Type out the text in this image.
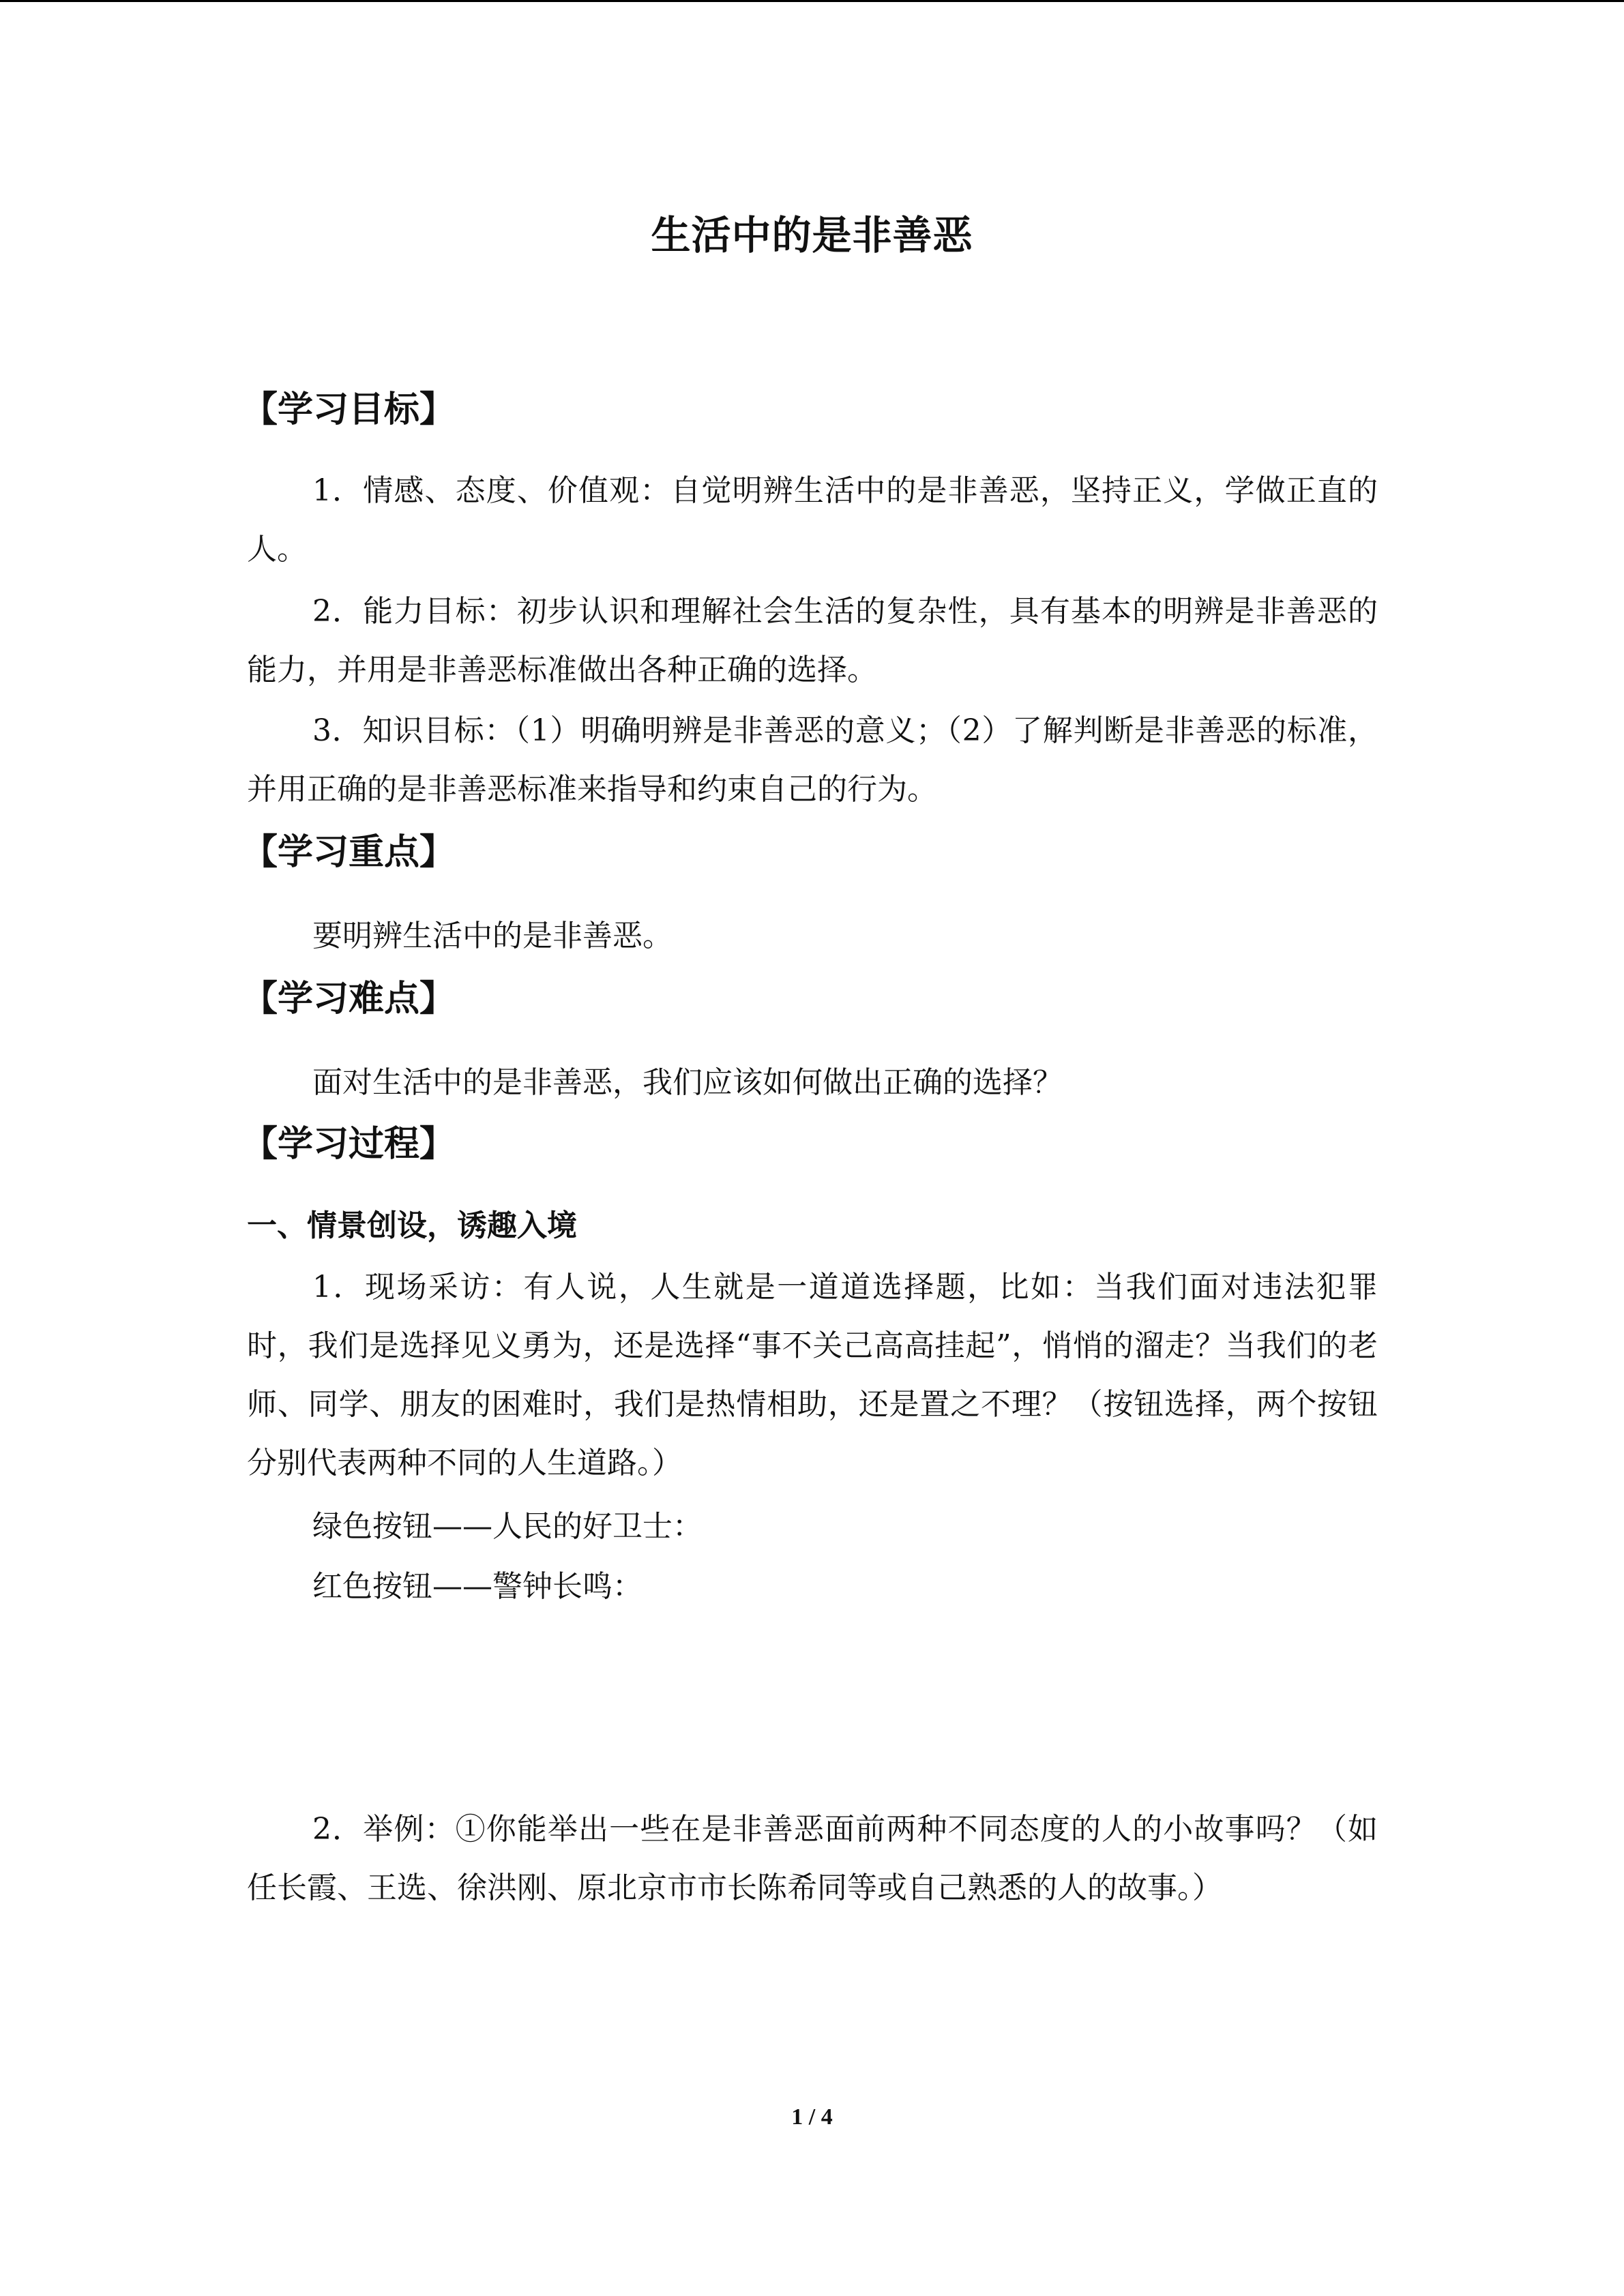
生活中的是非善恶
【学习目标】
1．情感、态度、价值观：自觉明辨生活中的是非善恶，坚持正义，学做正直的人。
2．能力目标：初步认识和理解社会生活的复杂性，具有基本的明辨是非善恶的能力，并用是非善恶标准做出各种正确的选择。
3．知识目标：（1）明确明辨是非善恶的意义；（2）了解判断是非善恶的标准，并用正确的是非善恶标准来指导和约束自己的行为。
【学习重点】
要明辨生活中的是非善恶。
【学习难点】
面对生活中的是非善恶，我们应该如何做出正确的选择？
【学习过程】
一、情景创设，诱趣入境
1．现场采访：有人说，人生就是一道道选择题，比如：当我们面对违法犯罪时，我们是选择见义勇为，还是选择“事不关己高高挂起”，悄悄的溜走？当我们的老师、同学、朋友的困难时，我们是热情相助，还是置之不理？（按钮选择，两个按钮分别代表两种不同的人生道路。）
绿色按钮——人民的好卫士：
红色按钮——警钟长鸣：
2．举例：①你能举出一些在是非善恶面前两种不同态度的人的小故事吗？（如任长霞、王选、徐洪刚、原北京市市长陈希同等或自己熟悉的人的故事。）
1 / 4
